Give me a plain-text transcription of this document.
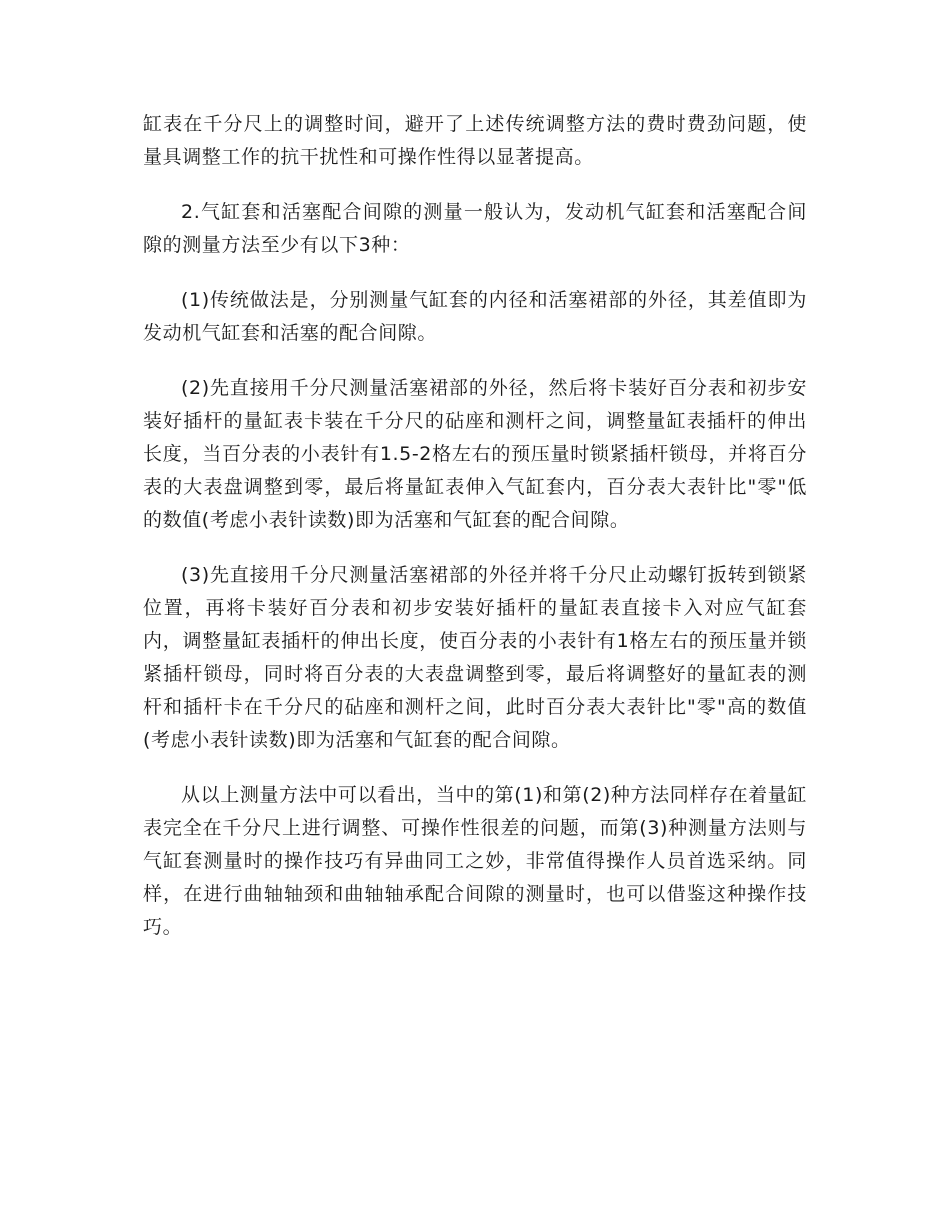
缸表在千分尺上的调整时间，避开了上述传统调整方法的费时费劲问题，使量具调整工作的抗干扰性和可操作性得以显著提高。

2.气缸套和活塞配合间隙的测量一般认为，发动机气缸套和活塞配合间隙的测量方法至少有以下3种：

(1)传统做法是，分别测量气缸套的内径和活塞裙部的外径，其差值即为发动机气缸套和活塞的配合间隙。

(2)先直接用千分尺测量活塞裙部的外径，然后将卡装好百分表和初步安装好插杆的量缸表卡装在千分尺的砧座和测杆之间，调整量缸表插杆的伸出长度，当百分表的小表针有1.5-2格左右的预压量时锁紧插杆锁母，并将百分表的大表盘调整到零，最后将量缸表伸入气缸套内，百分表大表针比"零"低的数值(考虑小表针读数)即为活塞和气缸套的配合间隙。

(3)先直接用千分尺测量活塞裙部的外径并将千分尺止动螺钉扳转到锁紧位置，再将卡装好百分表和初步安装好插杆的量缸表直接卡入对应气缸套内，调整量缸表插杆的伸出长度，使百分表的小表针有1格左右的预压量并锁紧插杆锁母，同时将百分表的大表盘调整到零，最后将调整好的量缸表的测杆和插杆卡在千分尺的砧座和测杆之间，此时百分表大表针比"零"高的数值(考虑小表针读数)即为活塞和气缸套的配合间隙。

从以上测量方法中可以看出，当中的第(1)和第(2)种方法同样存在着量缸表完全在千分尺上进行调整、可操作性很差的问题，而第(3)种测量方法则与气缸套测量时的操作技巧有异曲同工之妙，非常值得操作人员首选采纳。同样，在进行曲轴轴颈和曲轴轴承配合间隙的测量时，也可以借鉴这种操作技巧。
